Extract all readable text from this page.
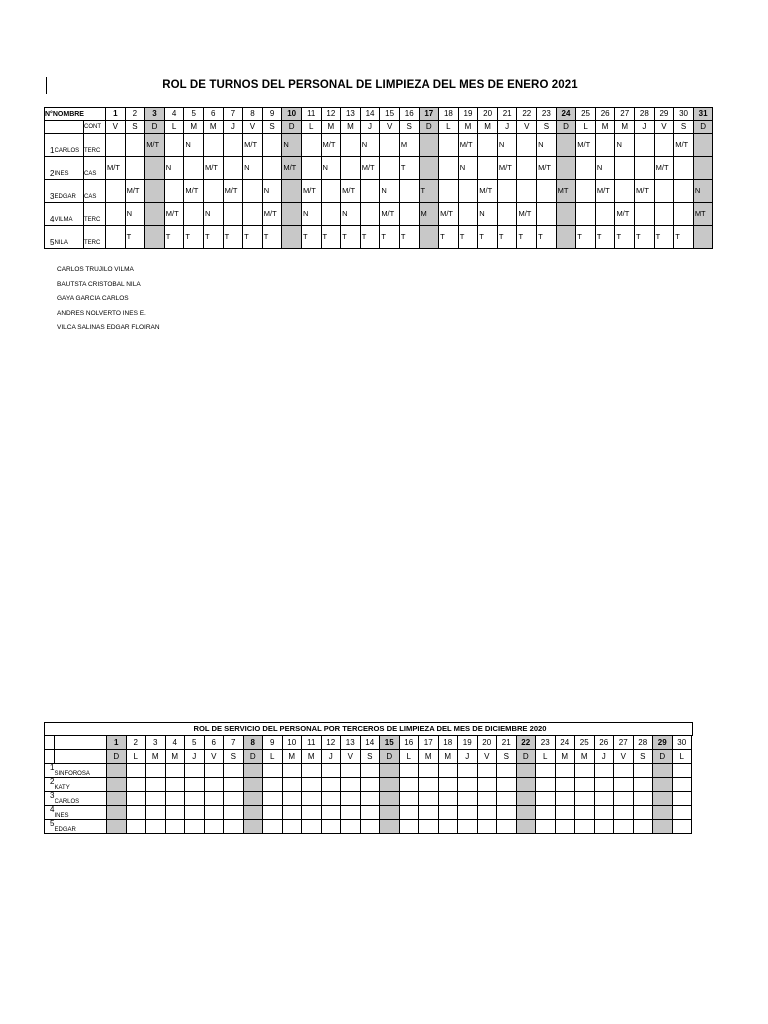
ROL DE TURNOS DEL PERSONAL DE LIMPIEZA DEL MES DE ENERO 2021
N°NOMBRE			1	2	3	4	5	6	7	8	9	10	11	12	13	14	15	16	17	18	19	20	21	22	23	24	25	26	27	28	29	30	31
		CONT	V	S	D	L	M	M	J	V	S	D	L	M	M	J	V	S	D	L	M	M	J	V	S	D	L	M	M	J	V	S	D
1	CARLOS	TERC			M/T		N			M/T		N		M/T		N		M			M/T		N		N		M/T		N			M/T	
2	INES	CAS	M/T			N		M/T		N		M/T		N		M/T		T			N		M/T		M/T			N			M/T		
3	EDGAR	CAS		M/T			M/T		M/T		N		M/T		M/T		N		T			M/T				MT		M/T		M/T			N
4	VILMA	TERC		N		M/T		N			M/T		N		N		M/T		M	M/T		N		M/T					M/T				MT
5	NILA	TERC		T		T	T	T	T	T	T		T	T	T	T	T	T		T	T	T	T	T	T		T	T	T	T	T	T	
CARLOS TRUJILO VILMA
BAUTSTA CRISTOBAL NILA
GAYA GARCIA CARLOS
ANDRES NOLVERTO INES E.
VILCA SALINAS EDGAR FLOIRAN
ROL DE SERVICIO DEL PERSONAL POR TERCEROS DE LIMPIEZA DEL MES DE DICIEMBRE 2020
		1	2	3	4	5	6	7	8	9	10	11	12	13	14	15	16	17	18	19	20	21	22	23	24	25	26	27	28	29	30
		D	L	M	M	J	V	S	D	L	M	M	J	V	S	D	L	M	M	J	V	S	D	L	M	M	J	V	S	D	L
1	SINFOROSA																														
2	KATY																														
3	CARLOS																														
4	INES																														
5	EDGAR																														
